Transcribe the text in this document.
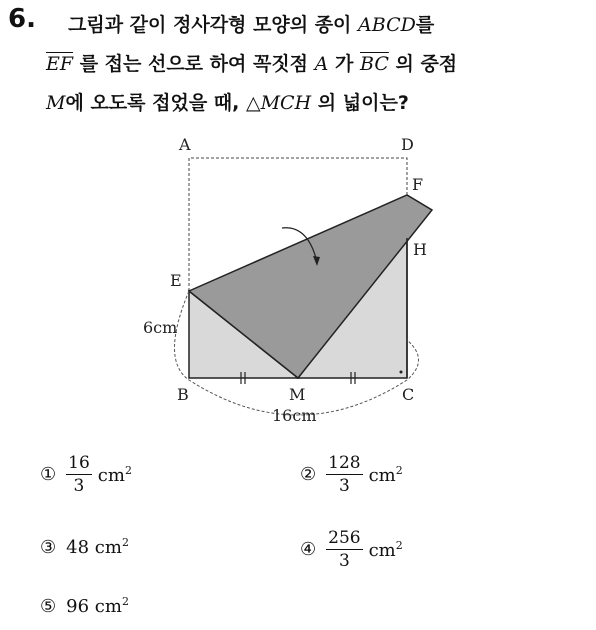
6. 그림과 같이 정사각형 모양의 종이 ABCD를
$\overline{EF}$ 를 접는 선으로 하여 꼭짓점 A 가 $\overline{BC}$ 의 중점
M에 오도록 접었을 때, △MCH 의 넓이는?
A	D
F
H
E
B	M	C
6cm
16cm
① $\frac{16}{3} cm^2$	② $\frac{128}{3} cm^2$
③ 48
$cm^2$	④ $\frac{256}{3} cm^2$
⑤ 96
$cm^2$
